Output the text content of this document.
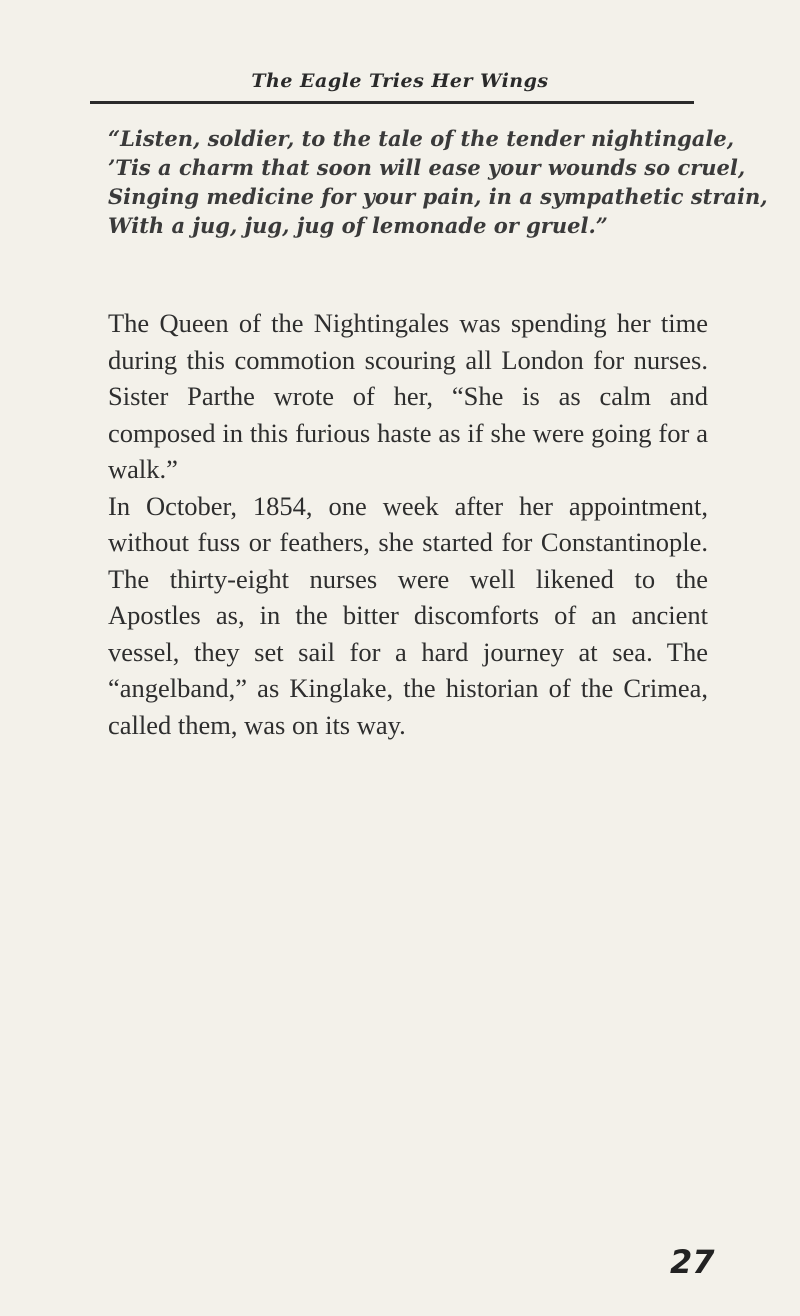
The Eagle Tries Her Wings
“Listen, soldier, to the tale of the tender nightingale,
’Tis a charm that soon will ease your wounds so cruel,
Singing medicine for your pain, in a sympathetic strain,
With a jug, jug, jug of lemonade or gruel.”

The Queen of the Nightingales was spending her time during this commotion scouring all London for nurses. Sister Parthe wrote of her, “She is as calm and composed in this furious haste as if she were going for a walk.”

In October, 1854, one week after her appointment, without fuss or feathers, she started for Constantinople. The thirty-eight nurses were well likened to the Apostles as, in the bitter discomforts of an ancient vessel, they set sail for a hard journey at sea. The “angelband,” as Kinglake, the historian of the Crimea, called them, was on its way.

27
